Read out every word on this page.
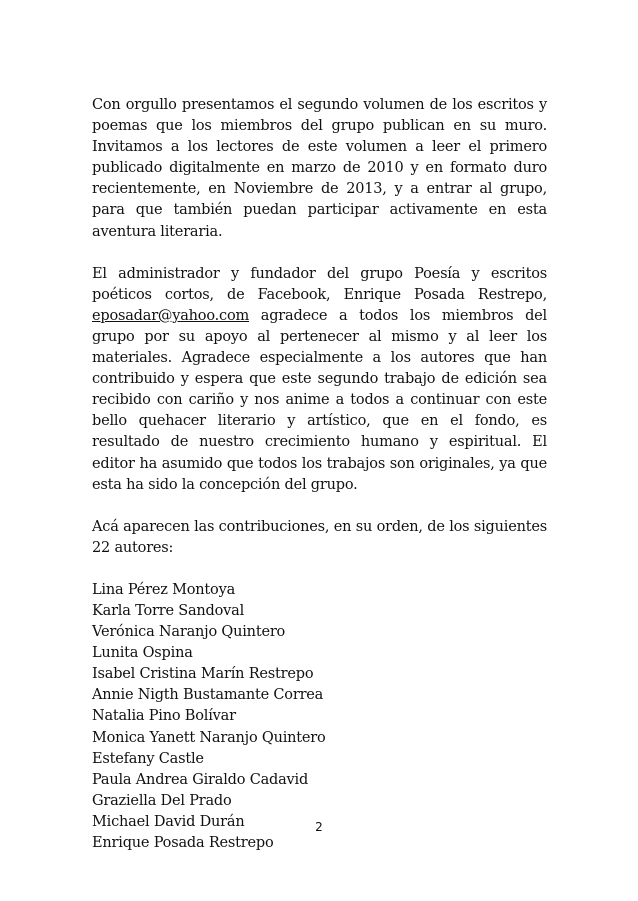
Con orgullo presentamos el segundo volumen de los escritos y poemas que los miembros del grupo publican en su muro. Invitamos a los lectores de este volumen a leer el primero publicado digitalmente en marzo de 2010 y en formato duro recientemente, en Noviembre de 2013, y a entrar al grupo, para que también puedan participar activamente en esta aventura literaria.

El administrador y fundador del grupo Poesía y escritos poéticos cortos, de Facebook, Enrique Posada Restrepo, eposadar@yahoo.com agradece a todos los miembros del grupo por su apoyo al pertenecer al mismo y al leer los materiales. Agradece especialmente a los autores que han contribuido y espera que este segundo trabajo de edición sea recibido con cariño y nos anime a todos a continuar con este bello quehacer literario y artístico, que en el fondo, es resultado de nuestro crecimiento humano y espiritual. El editor ha asumido que todos los trabajos son originales, ya que esta ha sido la concepción del grupo.

Acá aparecen las contribuciones, en su orden, de los siguientes 22 autores:

Lina Pérez Montoya
Karla Torre Sandoval
Verónica Naranjo Quintero
Lunita Ospina
Isabel Cristina Marín Restrepo
Annie Nigth Bustamante Correa
Natalia Pino Bolívar
Monica Yanett Naranjo Quintero
Estefany Castle
Paula Andrea Giraldo Cadavid
Graziella Del Prado
Michael David Durán
Enrique Posada Restrepo
2
